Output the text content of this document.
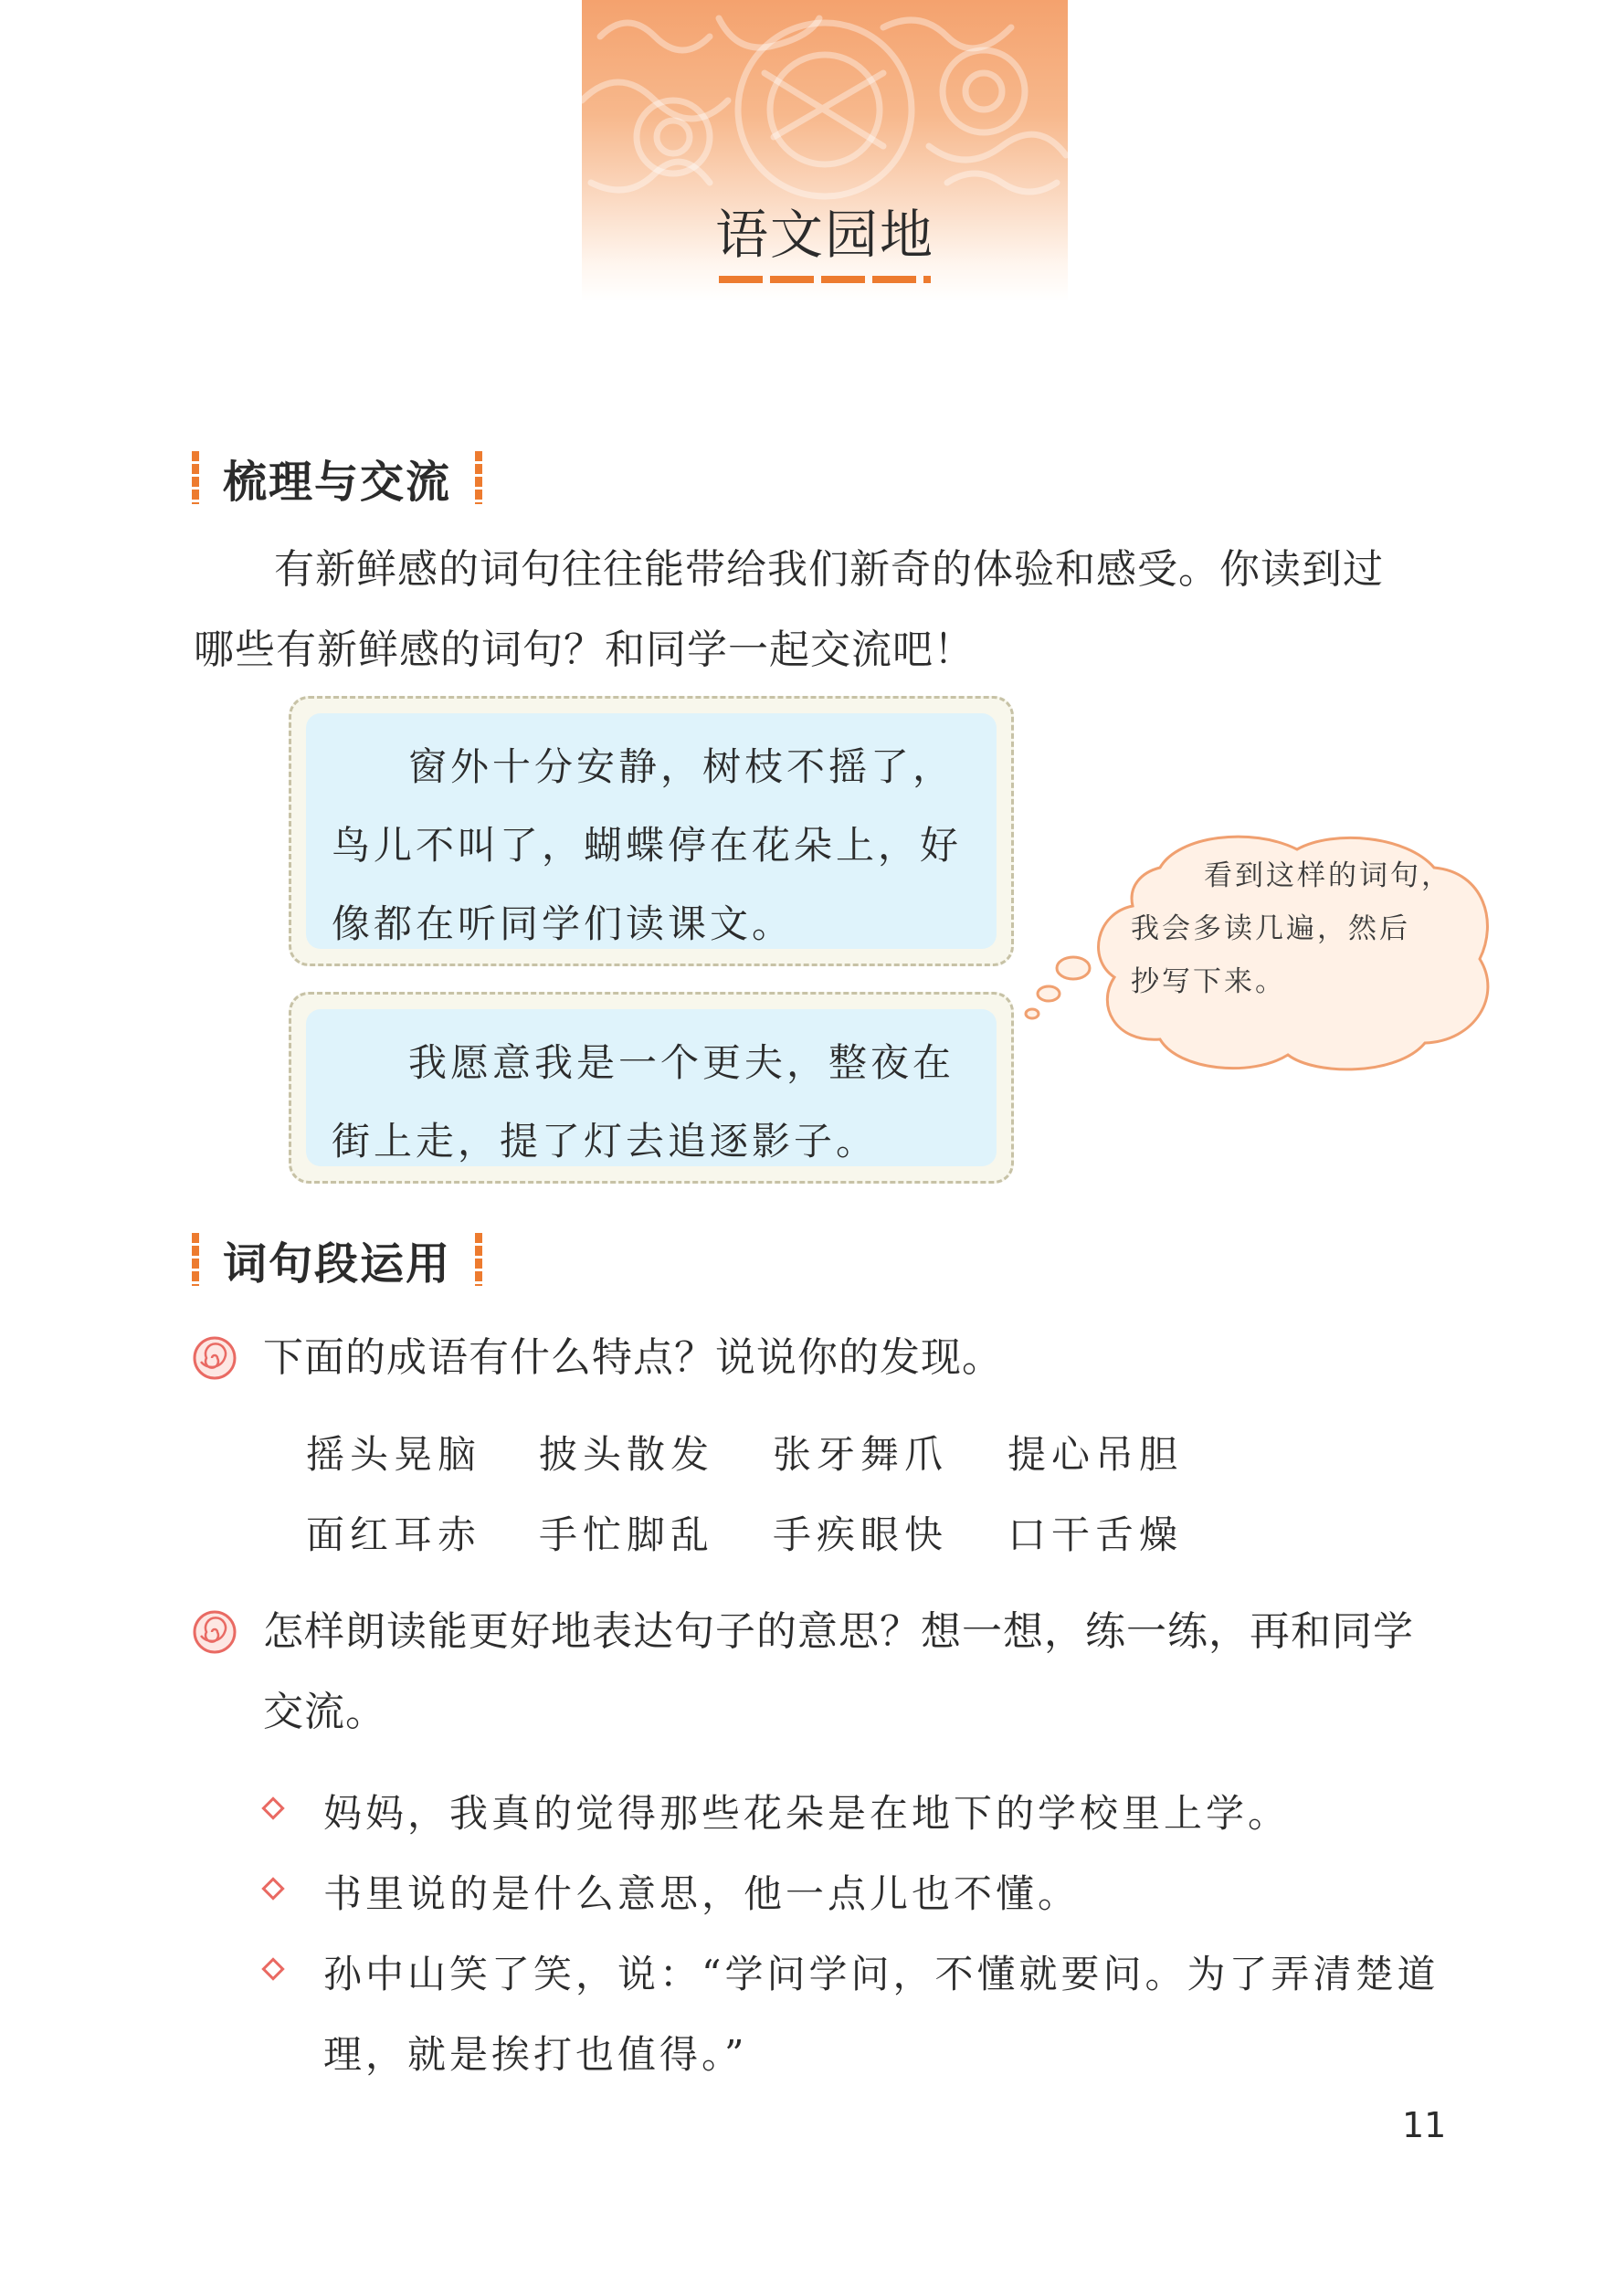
语文园地
梳理与交流
有新鲜感的词句往往能带给我们新奇的体验和感受。你读到过
哪些有新鲜感的词句？和同学一起交流吧！
窗外十分安静，树枝不摇了，
鸟儿不叫了，蝴蝶停在花朵上，好
像都在听同学们读课文。
我愿意我是一个更夫，整夜在
街上走，提了灯去追逐影子。
看到这样的词句，
我会多读几遍，然后
抄写下来。
词句段运用
下面的成语有什么特点？说说你的发现。
摇头晃脑 披头散发 张牙舞爪 提心吊胆
面红耳赤 手忙脚乱 手疾眼快 口干舌燥
怎样朗读能更好地表达句子的意思？想一想，练一练，再和同学
交流。
妈妈，我真的觉得那些花朵是在地下的学校里上学。
书里说的是什么意思，他一点儿也不懂。
孙中山笑了笑，说：“学问学问，不懂就要问。为了弄清楚道
理，就是挨打也值得。”
11
